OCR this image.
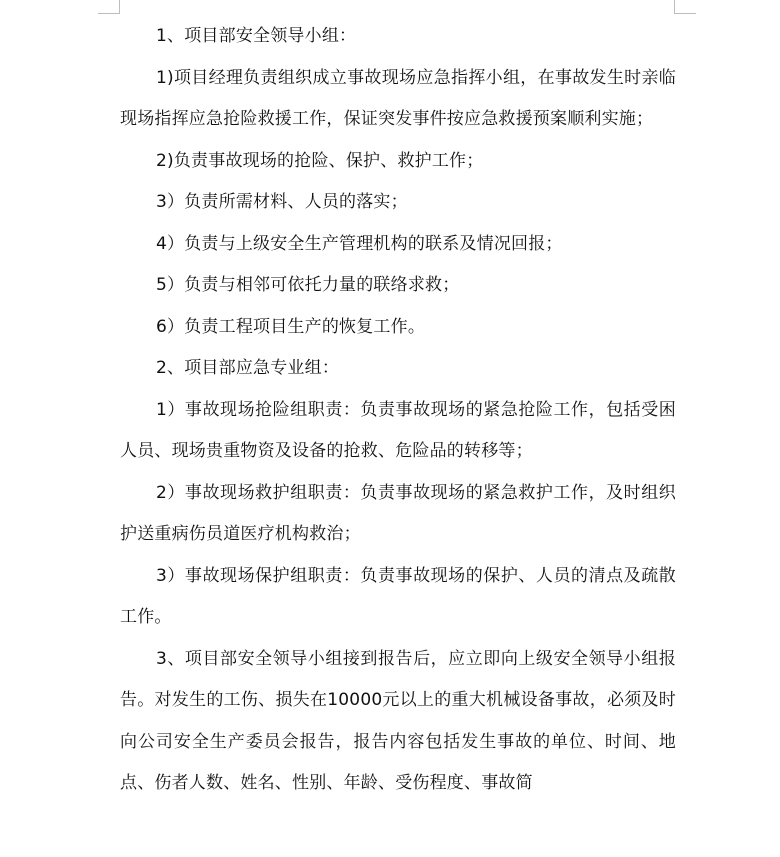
1、项目部安全领导小组：

1)项目经理负责组织成立事故现场应急指挥小组，在事故发生时亲临现场指挥应急抢险救援工作，保证突发事件按应急救援预案顺利实施；

2)负责事故现场的抢险、保护、救护工作；

3）负责所需材料、人员的落实；

4）负责与上级安全生产管理机构的联系及情况回报；

5）负责与相邻可依托力量的联络求救；

6）负责工程项目生产的恢复工作。

2、项目部应急专业组：

1）事故现场抢险组职责：负责事故现场的紧急抢险工作，包括受困人员、现场贵重物资及设备的抢救、危险品的转移等；

2）事故现场救护组职责：负责事故现场的紧急救护工作，及时组织护送重病伤员道医疗机构救治；

3）事故现场保护组职责：负责事故现场的保护、人员的清点及疏散工作。

3、项目部安全领导小组接到报告后，应立即向上级安全领导小组报告。对发生的工伤、损失在10000元以上的重大机械设备事故，必须及时向公司安全生产委员会报告，报告内容包括发生事故的单位、时间、地点、伤者人数、姓名、性别、年龄、受伤程度、事故简
